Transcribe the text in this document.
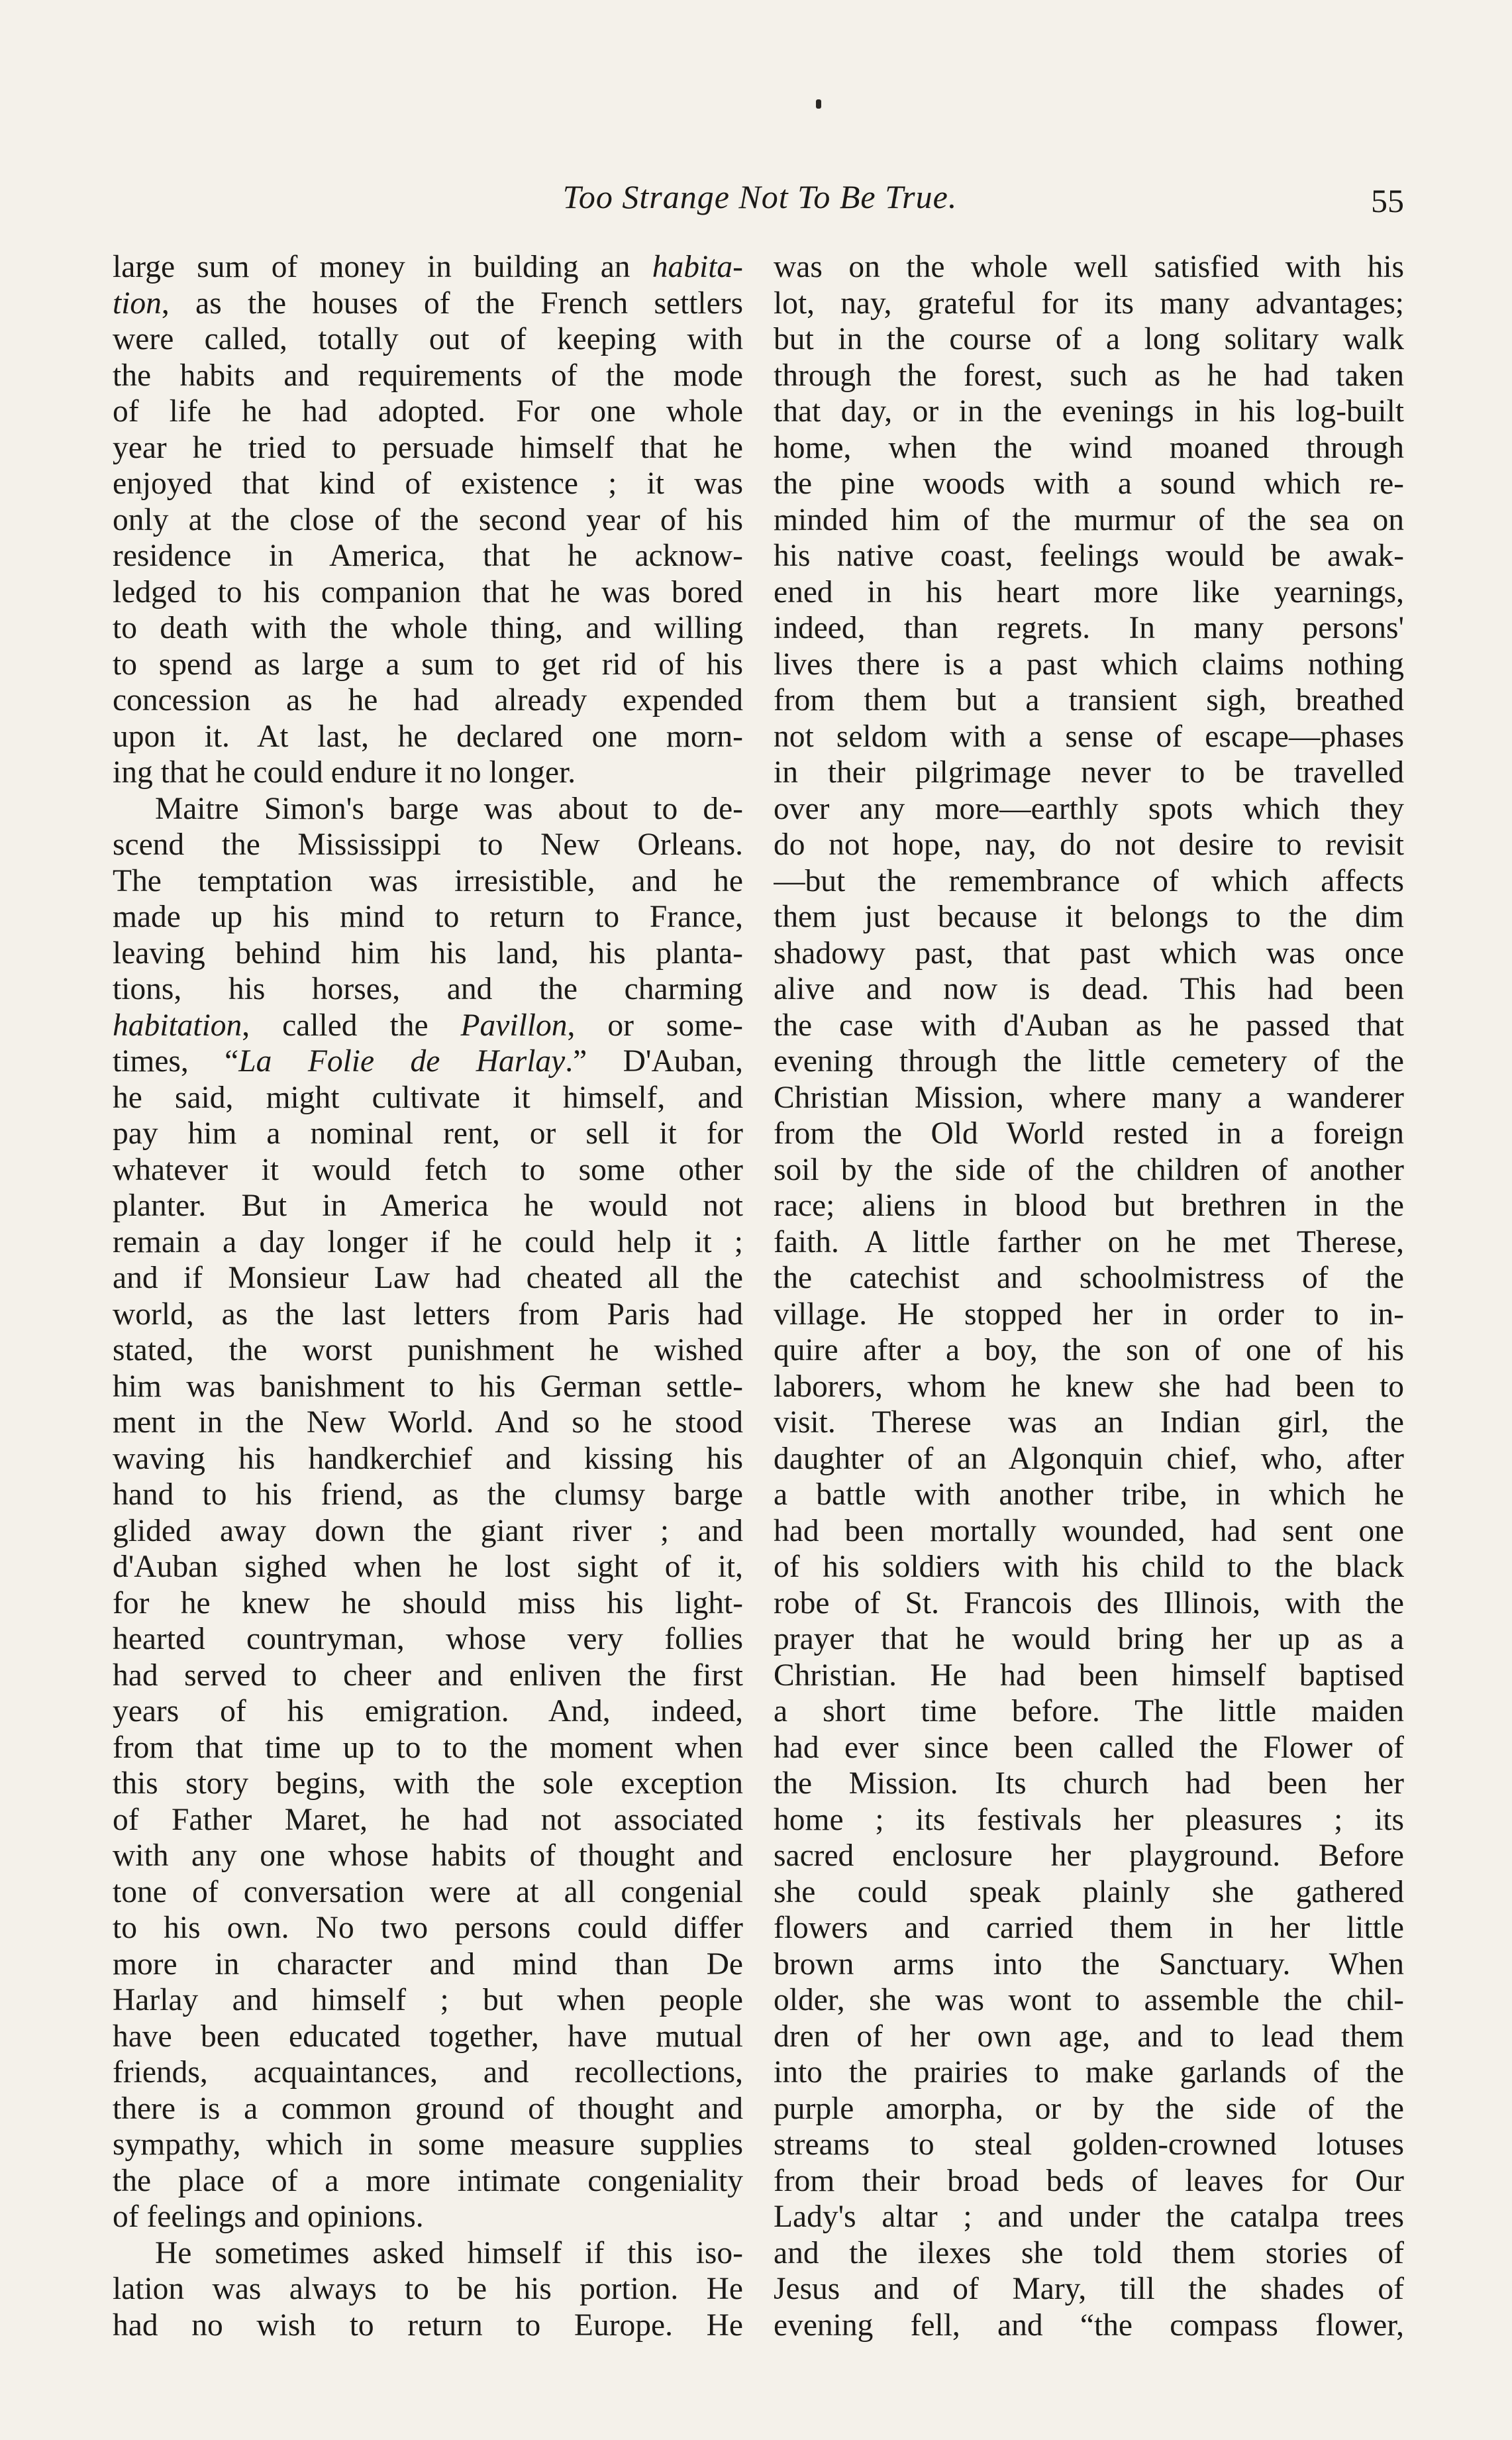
Too Strange Not To Be True.	55
large sum of money in building an habita-
tion, as the houses of the French settlers
were called, totally out of keeping with
the habits and requirements of the mode
of life he had adopted. For one whole
year he tried to persuade himself that he
enjoyed that kind of existence ; it was
only at the close of the second year of his
residence in America, that he acknow-
ledged to his companion that he was bored
to death with the whole thing, and willing
to spend as large a sum to get rid of his
concession as he had already expended
upon it. At last, he declared one morn-
ing that he could endure it no longer.
Maitre Simon's barge was about to de-
scend the Mississippi to New Orleans.
The temptation was irresistible, and he
made up his mind to return to France,
leaving behind him his land, his planta-
tions, his horses, and the charming
habitation, called the Pavillon, or some-
times, “La Folie de Harlay.” D'Auban,
he said, might cultivate it himself, and
pay him a nominal rent, or sell it for
whatever it would fetch to some other
planter. But in America he would not
remain a day longer if he could help it ;
and if Monsieur Law had cheated all the
world, as the last letters from Paris had
stated, the worst punishment he wished
him was banishment to his German settle-
ment in the New World. And so he stood
waving his handkerchief and kissing his
hand to his friend, as the clumsy barge
glided away down the giant river ; and
d'Auban sighed when he lost sight of it,
for he knew he should miss his light-
hearted countryman, whose very follies
had served to cheer and enliven the first
years of his emigration. And, indeed,
from that time up to to the moment when
this story begins, with the sole exception
of Father Maret, he had not associated
with any one whose habits of thought and
tone of conversation were at all congenial
to his own. No two persons could differ
more in character and mind than De
Harlay and himself ; but when people
have been educated together, have mutual
friends, acquaintances, and recollections,
there is a common ground of thought and
sympathy, which in some measure supplies
the place of a more intimate congeniality
of feelings and opinions.
He sometimes asked himself if this iso-
lation was always to be his portion. He
had no wish to return to Europe. He
was on the whole well satisfied with his
lot, nay, grateful for its many advantages;
but in the course of a long solitary walk
through the forest, such as he had taken
that day, or in the evenings in his log-built
home, when the wind moaned through
the pine woods with a sound which re-
minded him of the murmur of the sea on
his native coast, feelings would be awak-
ened in his heart more like yearnings,
indeed, than regrets. In many persons'
lives there is a past which claims nothing
from them but a transient sigh, breathed
not seldom with a sense of escape—phases
in their pilgrimage never to be travelled
over any more—earthly spots which they
do not hope, nay, do not desire to revisit
—but the remembrance of which affects
them just because it belongs to the dim
shadowy past, that past which was once
alive and now is dead. This had been
the case with d'Auban as he passed that
evening through the little cemetery of the
Christian Mission, where many a wanderer
from the Old World rested in a foreign
soil by the side of the children of another
race; aliens in blood but brethren in the
faith. A little farther on he met Therese,
the catechist and schoolmistress of the
village. He stopped her in order to in-
quire after a boy, the son of one of his
laborers, whom he knew she had been to
visit. Therese was an Indian girl, the
daughter of an Algonquin chief, who, after
a battle with another tribe, in which he
had been mortally wounded, had sent one
of his soldiers with his child to the black
robe of St. Francois des Illinois, with the
prayer that he would bring her up as a
Christian. He had been himself baptised
a short time before. The little maiden
had ever since been called the Flower of
the Mission. Its church had been her
home ; its festivals her pleasures ; its
sacred enclosure her playground. Before
she could speak plainly she gathered
flowers and carried them in her little
brown arms into the Sanctuary. When
older, she was wont to assemble the chil-
dren of her own age, and to lead them
into the prairies to make garlands of the
purple amorpha, or by the side of the
streams to steal golden-crowned lotuses
from their broad beds of leaves for Our
Lady's altar ; and under the catalpa trees
and the ilexes she told them stories of
Jesus and of Mary, till the shades of
evening fell, and “the compass flower,
